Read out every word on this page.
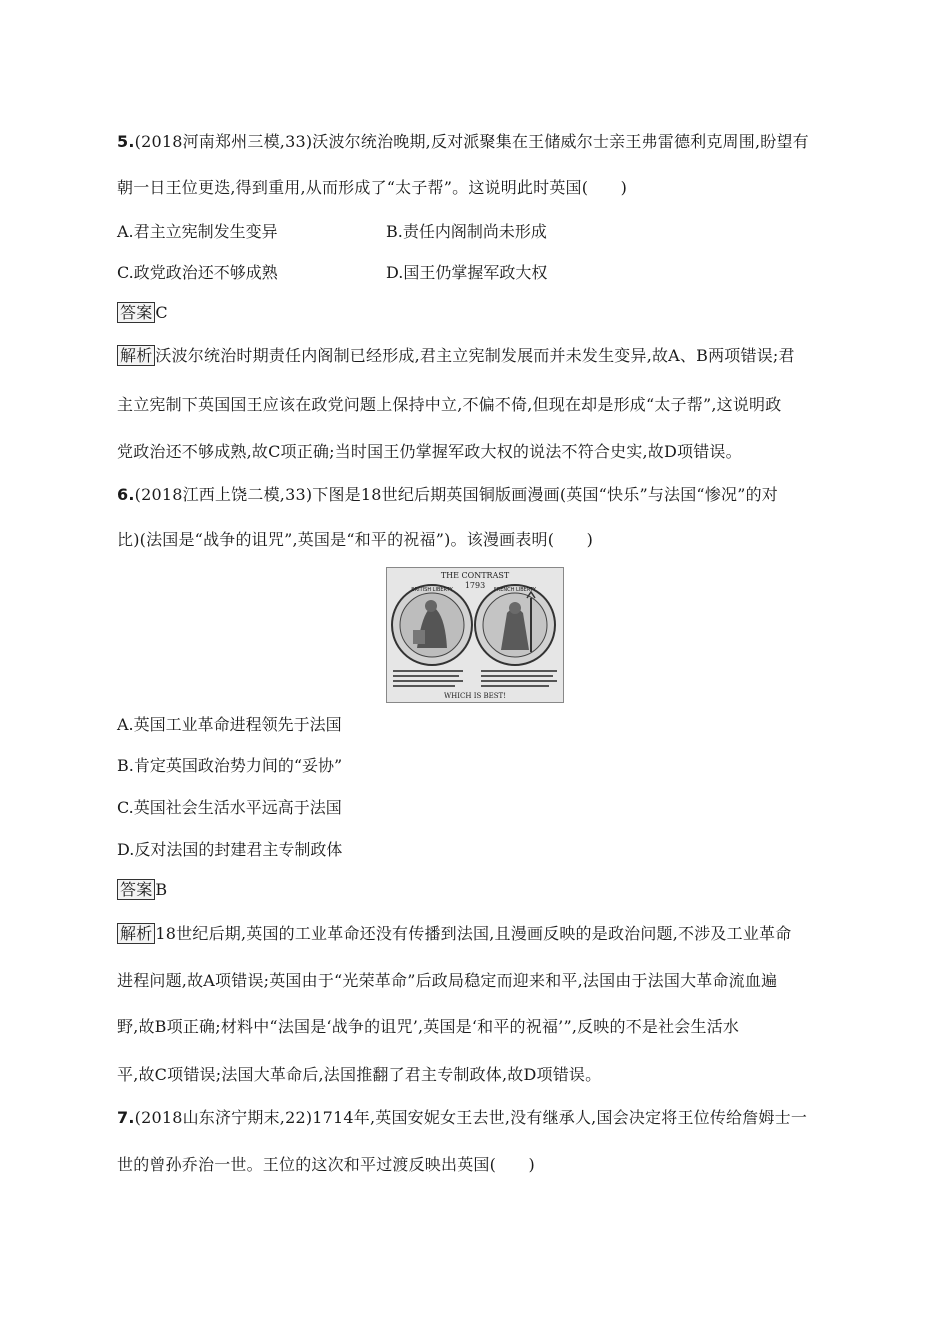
5.(2018河南郑州三模,33)沃波尔统治晚期,反对派聚集在王储威尔士亲王弗雷德利克周围,盼望有
朝一日王位更迭,得到重用,从而形成了“太子帮”。这说明此时英国(　　)
A.君主立宪制发生变异	B.责任内阁制尚未形成
C.政党政治还不够成熟	D.国王仍掌握军政大权
答案 C
解析 沃波尔统治时期责任内阁制已经形成,君主立宪制发展而并未发生变异,故A、B两项错误;君
主立宪制下英国国王应该在政党问题上保持中立,不偏不倚,但现在却是形成“太子帮”,这说明政
党政治还不够成熟,故C项正确;当时国王仍掌握军政大权的说法不符合史实,故D项错误。
6.(2018江西上饶二模,33)下图是18世纪后期英国铜版画漫画(英国“快乐”与法国“惨况”的对
比)(法国是“战争的诅咒”,英国是“和平的祝福”)。该漫画表明(　　)
THE CONTRAST
1793
BRITISH LIBERTY	FRENCH LIBERTY
WHICH IS BEST!
A.英国工业革命进程领先于法国
B.肯定英国政治势力间的“妥协”
C.英国社会生活水平远高于法国
D.反对法国的封建君主专制政体
答案 B
解析 18世纪后期,英国的工业革命还没有传播到法国,且漫画反映的是政治问题,不涉及工业革命
进程问题,故A项错误;英国由于“光荣革命”后政局稳定而迎来和平,法国由于法国大革命流血遍
野,故B项正确;材料中“法国是‘战争的诅咒’,英国是‘和平的祝福’”,反映的不是社会生活水
平,故C项错误;法国大革命后,法国推翻了君主专制政体,故D项错误。
7.(2018山东济宁期末,22)1714年,英国安妮女王去世,没有继承人,国会决定将王位传给詹姆士一
世的曾孙乔治一世。王位的这次和平过渡反映出英国(　　)
